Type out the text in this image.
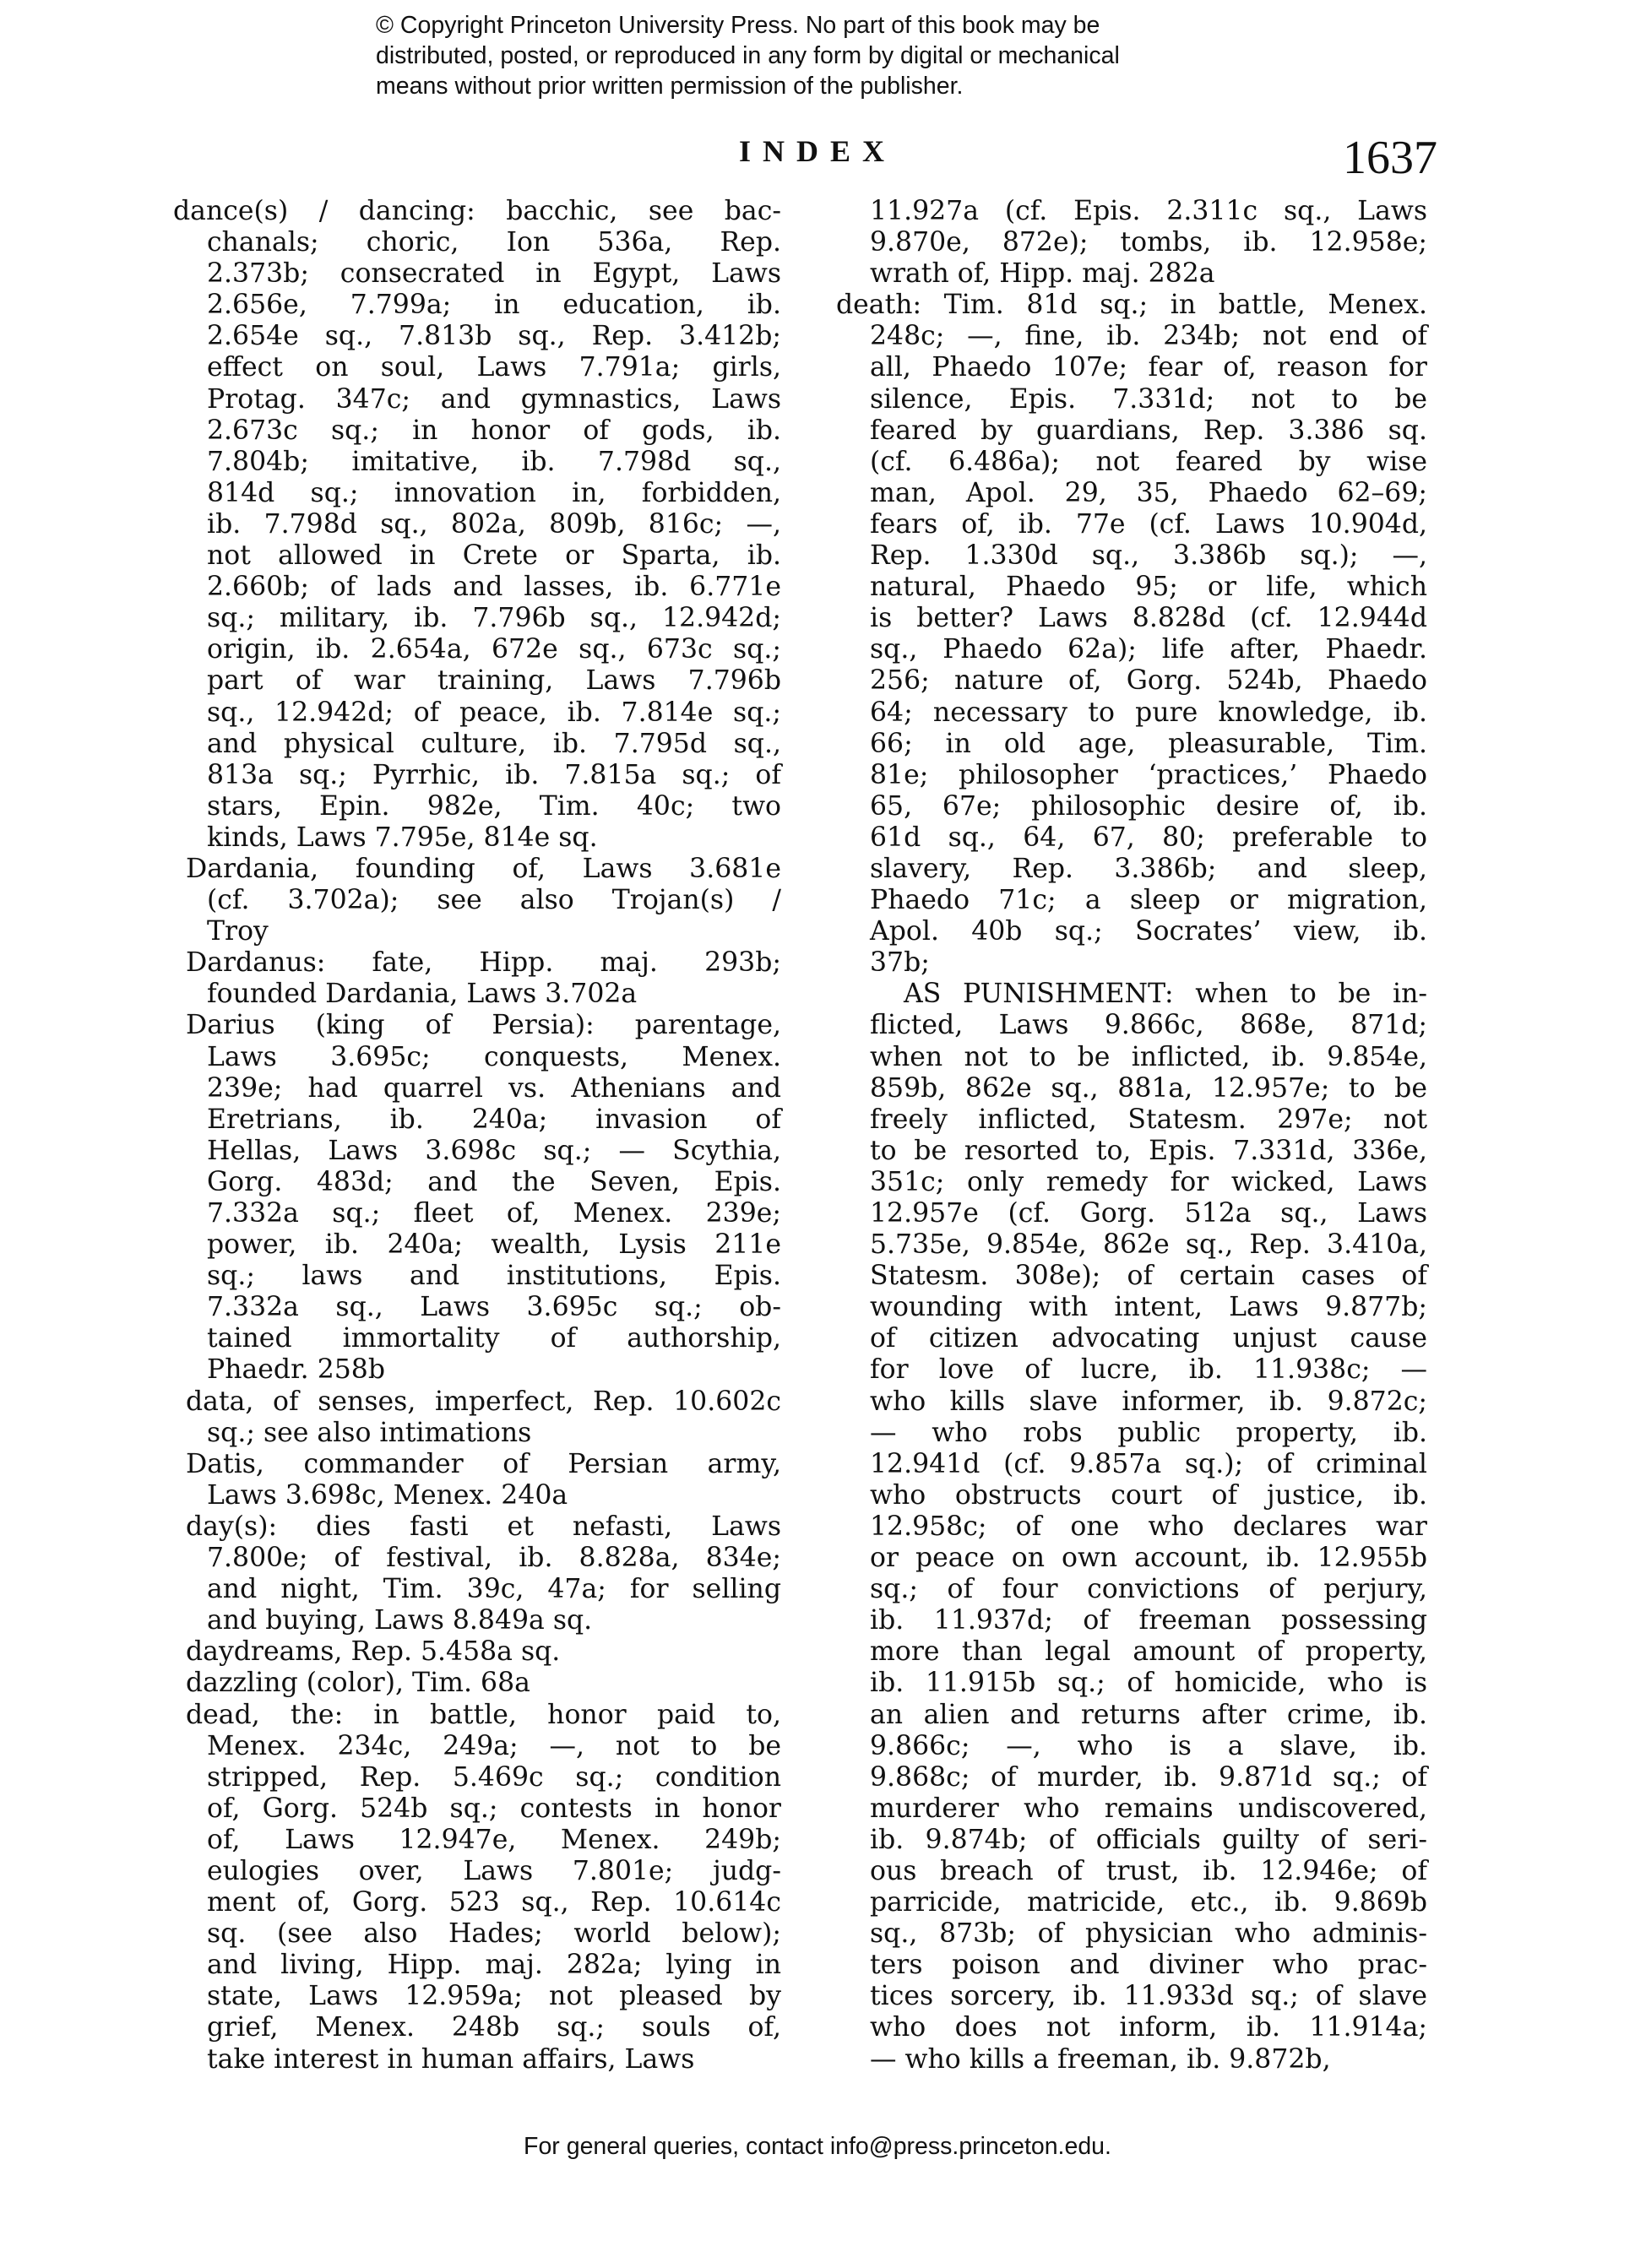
© Copyright Princeton University Press. No part of this book may be
distributed, posted, or reproduced in any form by digital or mechanical
means without prior written permission of the publisher.
INDEX	1637
dance(s) / dancing: bacchic, see bac-
chanals; choric, Ion 536a, Rep.
2.373b; consecrated in Egypt, Laws
2.656e, 7.799a; in education, ib.
2.654e sq., 7.813b sq., Rep. 3.412b;
effect on soul, Laws 7.791a; girls,
Protag. 347c; and gymnastics, Laws
2.673c sq.; in honor of gods, ib.
7.804b; imitative, ib. 7.798d sq.,
814d sq.; innovation in, forbidden,
ib. 7.798d sq., 802a, 809b, 816c; —,
not allowed in Crete or Sparta, ib.
2.660b; of lads and lasses, ib. 6.771e
sq.; military, ib. 7.796b sq., 12.942d;
origin, ib. 2.654a, 672e sq., 673c sq.;
part of war training, Laws 7.796b
sq., 12.942d; of peace, ib. 7.814e sq.;
and physical culture, ib. 7.795d sq.,
813a sq.; Pyrrhic, ib. 7.815a sq.; of
stars, Epin. 982e, Tim. 40c; two
kinds, Laws 7.795e, 814e sq.
Dardania, founding of, Laws 3.681e
(cf. 3.702a); see also Trojan(s) /
Troy
Dardanus: fate, Hipp. maj. 293b;
founded Dardania, Laws 3.702a
Darius (king of Persia): parentage,
Laws 3.695c; conquests, Menex.
239e; had quarrel vs. Athenians and
Eretrians, ib. 240a; invasion of
Hellas, Laws 3.698c sq.; — Scythia,
Gorg. 483d; and the Seven, Epis.
7.332a sq.; fleet of, Menex. 239e;
power, ib. 240a; wealth, Lysis 211e
sq.; laws and institutions, Epis.
7.332a sq., Laws 3.695c sq.; ob-
tained immortality of authorship,
Phaedr. 258b
data, of senses, imperfect, Rep. 10.602c
sq.; see also intimations
Datis, commander of Persian army,
Laws 3.698c, Menex. 240a
day(s): dies fasti et nefasti, Laws
7.800e; of festival, ib. 8.828a, 834e;
and night, Tim. 39c, 47a; for selling
and buying, Laws 8.849a sq.
daydreams, Rep. 5.458a sq.
dazzling (color), Tim. 68a
dead, the: in battle, honor paid to,
Menex. 234c, 249a; —, not to be
stripped, Rep. 5.469c sq.; condition
of, Gorg. 524b sq.; contests in honor
of, Laws 12.947e, Menex. 249b;
eulogies over, Laws 7.801e; judg-
ment of, Gorg. 523 sq., Rep. 10.614c
sq. (see also Hades; world below);
and living, Hipp. maj. 282a; lying in
state, Laws 12.959a; not pleased by
grief, Menex. 248b sq.; souls of,
take interest in human affairs, Laws
11.927a (cf. Epis. 2.311c sq., Laws
9.870e, 872e); tombs, ib. 12.958e;
wrath of, Hipp. maj. 282a
death: Tim. 81d sq.; in battle, Menex.
248c; —, fine, ib. 234b; not end of
all, Phaedo 107e; fear of, reason for
silence, Epis. 7.331d; not to be
feared by guardians, Rep. 3.386 sq.
(cf. 6.486a); not feared by wise
man, Apol. 29, 35, Phaedo 62–69;
fears of, ib. 77e (cf. Laws 10.904d,
Rep. 1.330d sq., 3.386b sq.); —,
natural, Phaedo 95; or life, which
is better? Laws 8.828d (cf. 12.944d
sq., Phaedo 62a); life after, Phaedr.
256; nature of, Gorg. 524b, Phaedo
64; necessary to pure knowledge, ib.
66; in old age, pleasurable, Tim.
81e; philosopher ‘practices,’ Phaedo
65, 67e; philosophic desire of, ib.
61d sq., 64, 67, 80; preferable to
slavery, Rep. 3.386b; and sleep,
Phaedo 71c; a sleep or migration,
Apol. 40b sq.; Socrates’ view, ib.
37b;
AS PUNISHMENT: when to be in-
flicted, Laws 9.866c, 868e, 871d;
when not to be inflicted, ib. 9.854e,
859b, 862e sq., 881a, 12.957e; to be
freely inflicted, Statesm. 297e; not
to be resorted to, Epis. 7.331d, 336e,
351c; only remedy for wicked, Laws
12.957e (cf. Gorg. 512a sq., Laws
5.735e, 9.854e, 862e sq., Rep. 3.410a,
Statesm. 308e); of certain cases of
wounding with intent, Laws 9.877b;
of citizen advocating unjust cause
for love of lucre, ib. 11.938c; —
who kills slave informer, ib. 9.872c;
— who robs public property, ib.
12.941d (cf. 9.857a sq.); of criminal
who obstructs court of justice, ib.
12.958c; of one who declares war
or peace on own account, ib. 12.955b
sq.; of four convictions of perjury,
ib. 11.937d; of freeman possessing
more than legal amount of property,
ib. 11.915b sq.; of homicide, who is
an alien and returns after crime, ib.
9.866c; —, who is a slave, ib.
9.868c; of murder, ib. 9.871d sq.; of
murderer who remains undiscovered,
ib. 9.874b; of officials guilty of seri-
ous breach of trust, ib. 12.946e; of
parricide, matricide, etc., ib. 9.869b
sq., 873b; of physician who adminis-
ters poison and diviner who prac-
tices sorcery, ib. 11.933d sq.; of slave
who does not inform, ib. 11.914a;
— who kills a freeman, ib. 9.872b,
For general queries, contact info@press.princeton.edu.
